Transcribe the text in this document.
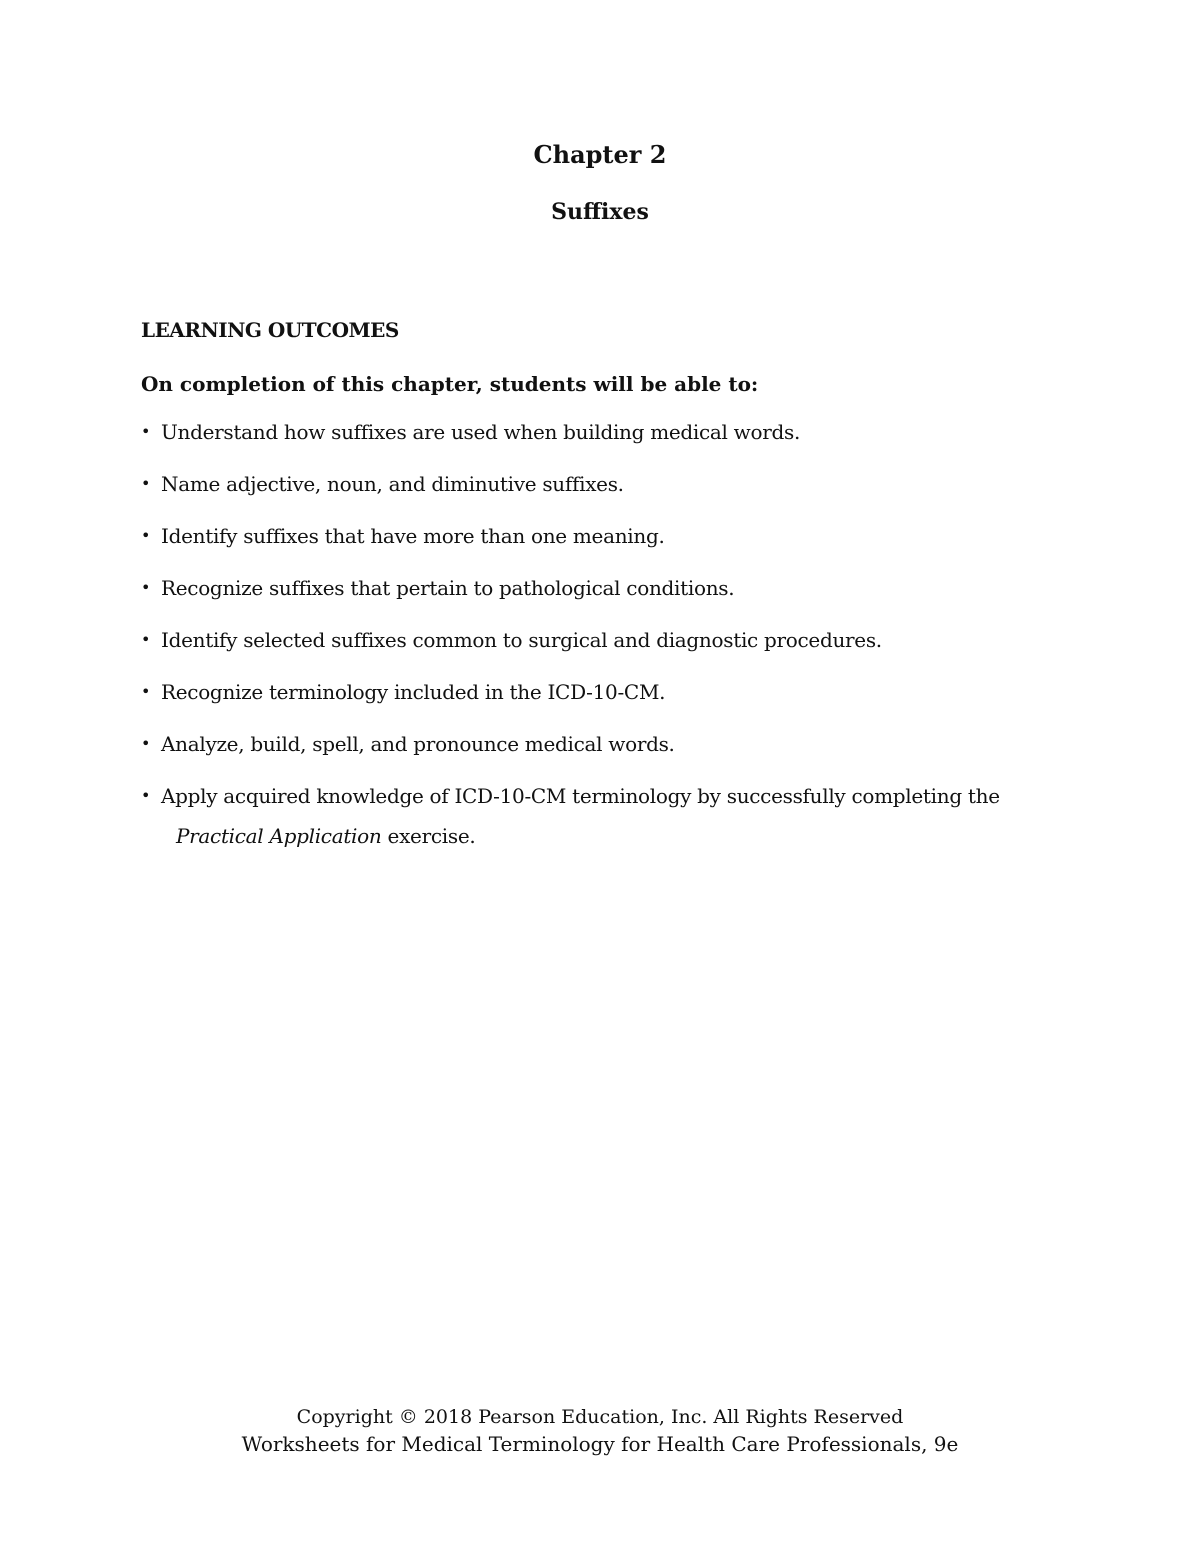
Chapter 2
Suffixes
LEARNING OUTCOMES
On completion of this chapter, students will be able to:
• Understand how suffixes are used when building medical words.
• Name adjective, noun, and diminutive suffixes.
• Identify suffixes that have more than one meaning.
• Recognize suffixes that pertain to pathological conditions.
• Identify selected suffixes common to surgical and diagnostic procedures.
• Recognize terminology included in the ICD-10-CM.
• Analyze, build, spell, and pronounce medical words.
• Apply acquired knowledge of ICD-10-CM terminology by successfully completing the
Practical Application exercise.
Copyright © 2018 Pearson Education, Inc. All Rights Reserved
Worksheets for Medical Terminology for Health Care Professionals, 9e
